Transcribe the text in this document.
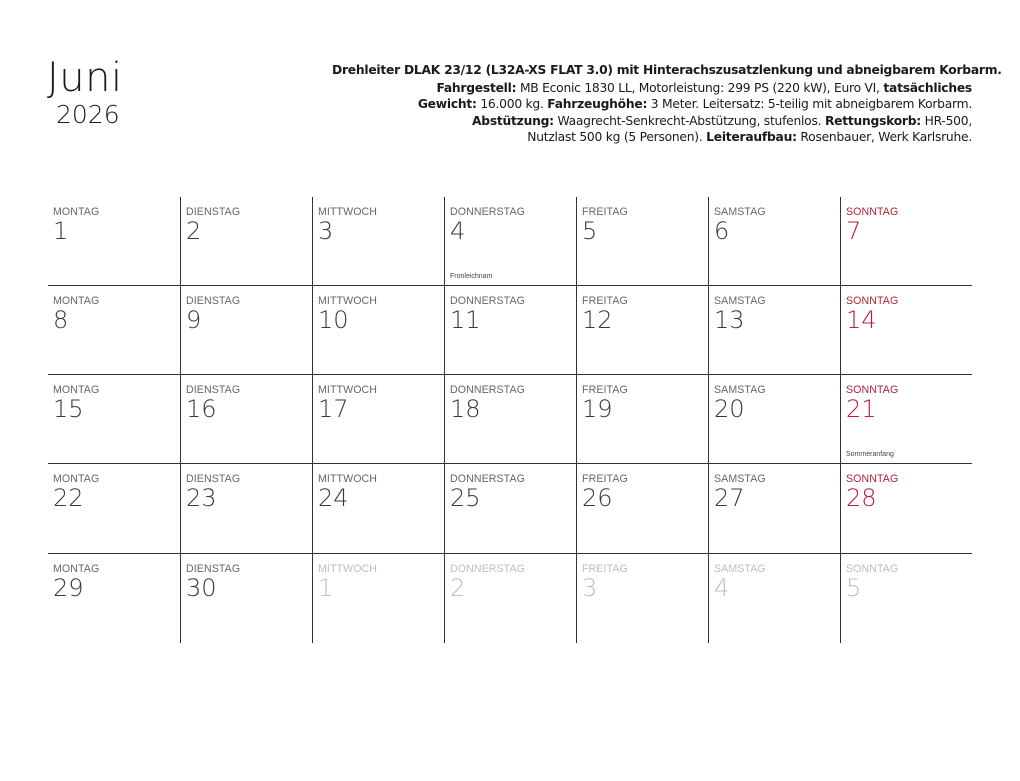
Juni
2026
Drehleiter DLAK 23/12 (L32A-XS FLAT 3.0) mit Hinterachszusatzlenkung und abneigbarem Korbarm.
Fahrgestell: MB Econic 1830 LL, Motorleistung: 299 PS (220 kW), Euro VI, tatsächliches
Gewicht: 16.000 kg. Fahrzeughöhe: 3 Meter. Leitersatz: 5-teilig mit abneigbarem Korbarm.
Abstützung: Waagrecht-Senkrecht-Abstützung, stufenlos. Rettungskorb: HR-500,
Nutzlast 500 kg (5 Personen). Leiteraufbau: Rosenbauer, Werk Karlsruhe.
MONTAG
1
DIENSTAG
2
MITTWOCH
3
DONNERSTAG
4
Fronleichnam
FREITAG
5
SAMSTAG
6
SONNTAG
7
MONTAG
8
DIENSTAG
9
MITTWOCH
10
DONNERSTAG
11
FREITAG
12
SAMSTAG
13
SONNTAG
14
MONTAG
15
DIENSTAG
16
MITTWOCH
17
DONNERSTAG
18
FREITAG
19
SAMSTAG
20
SONNTAG
21
Sommeranfang
MONTAG
22
DIENSTAG
23
MITTWOCH
24
DONNERSTAG
25
FREITAG
26
SAMSTAG
27
SONNTAG
28
MONTAG
29
DIENSTAG
30
MITTWOCH
1
DONNERSTAG
2
FREITAG
3
SAMSTAG
4
SONNTAG
5
